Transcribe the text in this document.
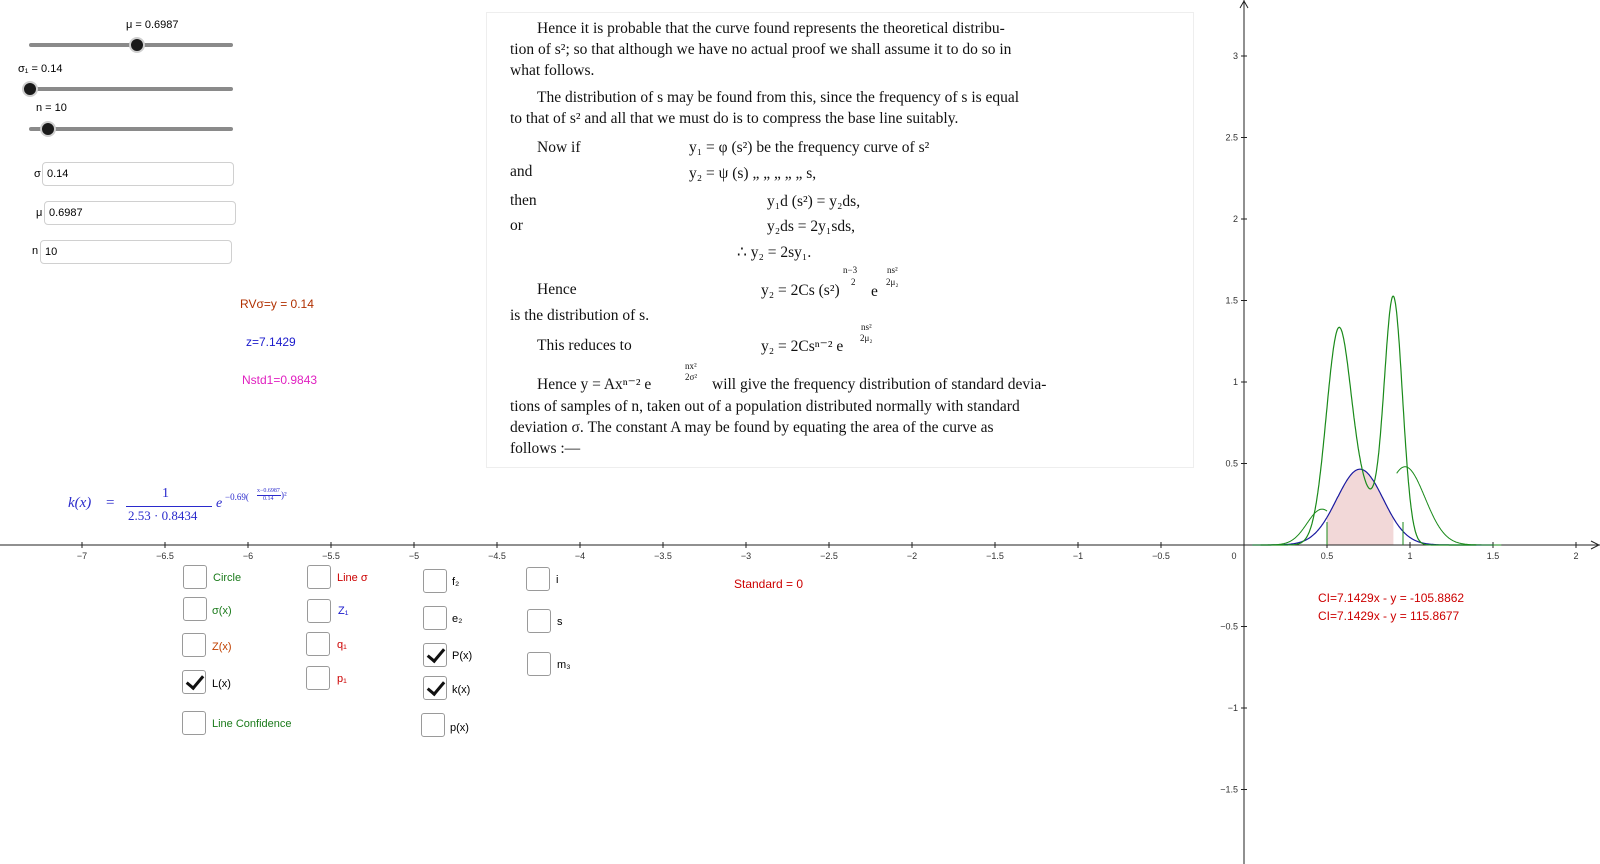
μ = 0.6987
σ₁ = 0.14
n = 10
σ
0.14
μ
0.6987
n
10
RVσ=y = 0.14
z=7.1429
Nstd1=0.9843
k(x) =
1
2.53 · 0.8434
e −0.69(
x−0.6987
0.14 )²
Hence it is probable that the curve found represents the theoretical distribu-
tion of s²; so that although we have no actual proof we shall assume it to do so in
what follows.
The distribution of s may be found from this, since the frequency of s is equal
to that of s² and all that we must do is to compress the base line suitably.
Now if	y₁ = φ (s²) be the frequency curve of s²
and	y₂ = ψ (s) „ „ „ „ „ s,
then	y₁d (s²) = y₂ds,
or	y₂ds = 2y₁sds,
∴ y₂ = 2sy₁.
Hence	y₂ = 2Cs (s²)
n−3
2
e
ns²
2μ₂
is the distribution of s.
This reduces to	y₂ = 2Csⁿ⁻² e
ns²
2μ₂
Hence y = Axⁿ⁻² e
nx²
2σ² will give the frequency distribution of standard devia-
tions of samples of n, taken out of a population distributed normally with standard
deviation σ. The constant A may be found by equating the area of the curve as
follows :—
−7	−6.5	−6	−5.5	−5	−4.5	−4	−3.5	−3	−2.5	−2	−1.5	−1	−0.5	0	0.5	1	1.5	2
3
2.5
2
1.5
1
0.5
−0.5
−1
−1.5
Standard = 0
CI=7.1429x - y = -105.8862
CI=7.1429x - y = 115.8677
Circle
σ(x)
Z(x)
L(x)
Line Confidence
Line σ
Z₁
q₁
p₁
f₂
e₂
P(x)
k(x)
p(x)
i
s
m₃
